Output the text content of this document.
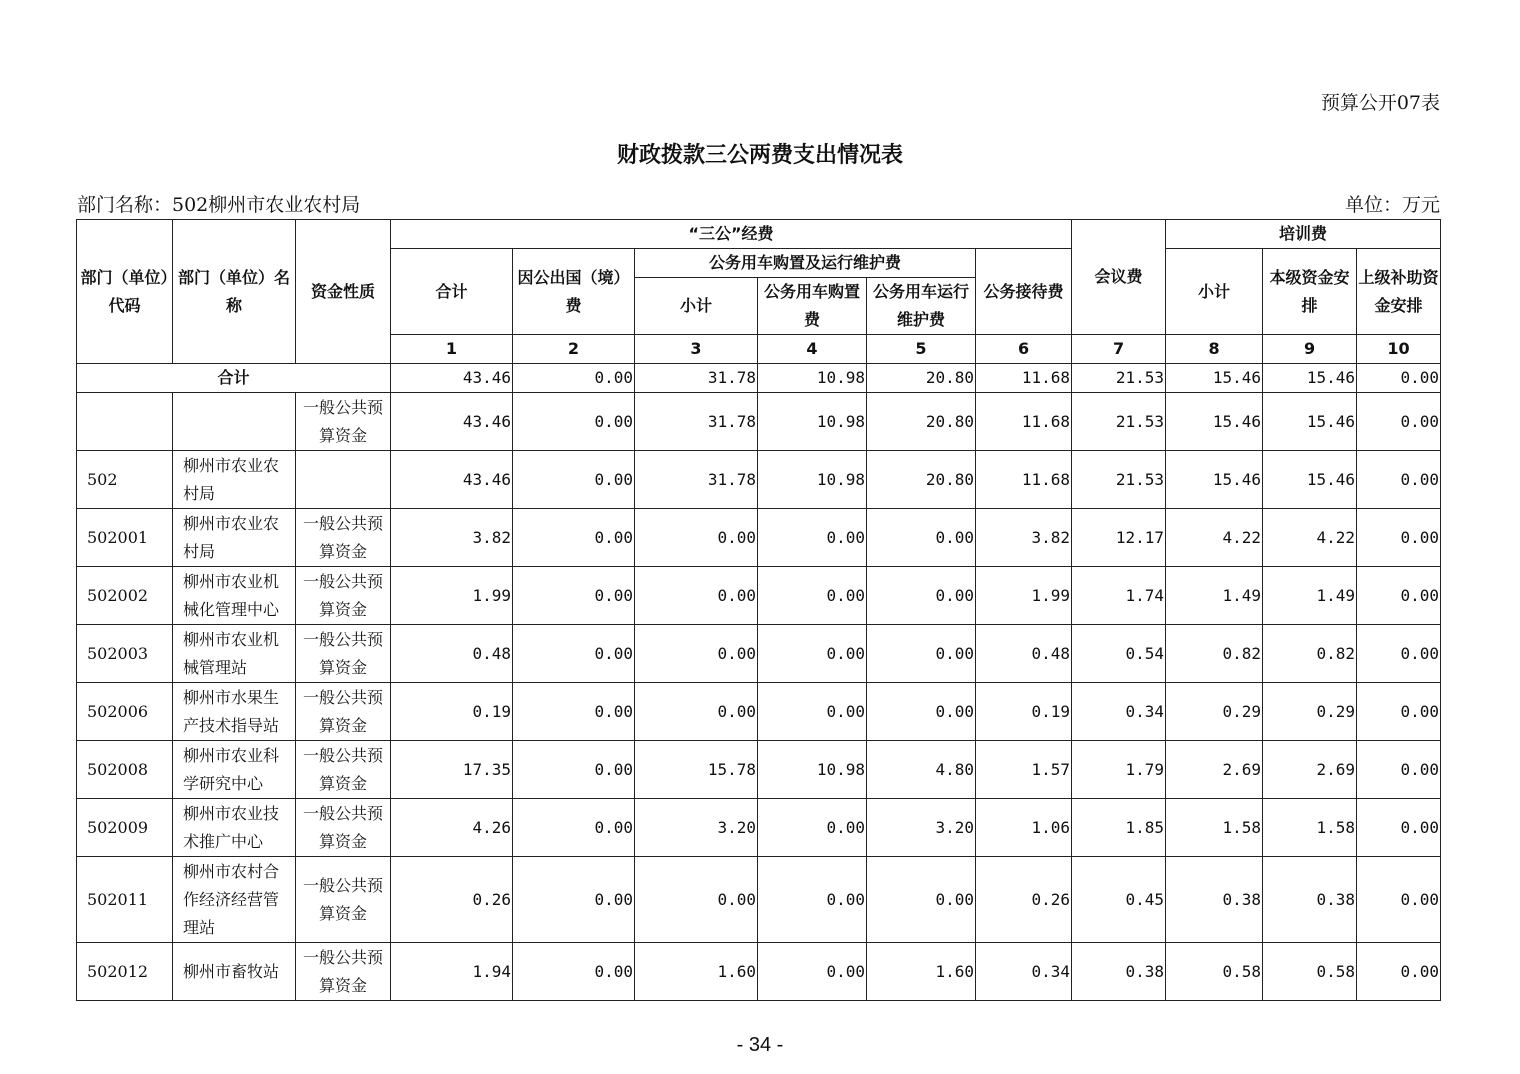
预算公开07表
财政拨款三公两费支出情况表
部门名称：502柳州市农业农村局	单位：万元
部门（单位）代码	部门（单位）名称	资金性质	“三公”经费						会议费	培训费		
			合计	因公出国（境）费	公务用车购置及运行维护费			公务接待费		小计	本级资金安排	上级补助资金安排
					小计	公务用车购置费	公务用车运行维护费					
			1	2	3	4	5	6	7	8	9	10
合计			43.46	0.00	31.78	10.98	20.80	11.68	21.53	15.46	15.46	0.00
		一般公共预算资金	43.46	0.00	31.78	10.98	20.80	11.68	21.53	15.46	15.46	0.00
502	柳州市农业农村局		43.46	0.00	31.78	10.98	20.80	11.68	21.53	15.46	15.46	0.00
502001	柳州市农业农村局	一般公共预算资金	3.82	0.00	0.00	0.00	0.00	3.82	12.17	4.22	4.22	0.00
502002	柳州市农业机械化管理中心	一般公共预算资金	1.99	0.00	0.00	0.00	0.00	1.99	1.74	1.49	1.49	0.00
502003	柳州市农业机械管理站	一般公共预算资金	0.48	0.00	0.00	0.00	0.00	0.48	0.54	0.82	0.82	0.00
502006	柳州市水果生产技术指导站	一般公共预算资金	0.19	0.00	0.00	0.00	0.00	0.19	0.34	0.29	0.29	0.00
502008	柳州市农业科学研究中心	一般公共预算资金	17.35	0.00	15.78	10.98	4.80	1.57	1.79	2.69	2.69	0.00
502009	柳州市农业技术推广中心	一般公共预算资金	4.26	0.00	3.20	0.00	3.20	1.06	1.85	1.58	1.58	0.00
502011	柳州市农村合作经济经营管理站	一般公共预算资金	0.26	0.00	0.00	0.00	0.00	0.26	0.45	0.38	0.38	0.00
502012	柳州市畜牧站	一般公共预算资金	1.94	0.00	1.60	0.00	1.60	0.34	0.38	0.58	0.58	0.00
- 34 -
